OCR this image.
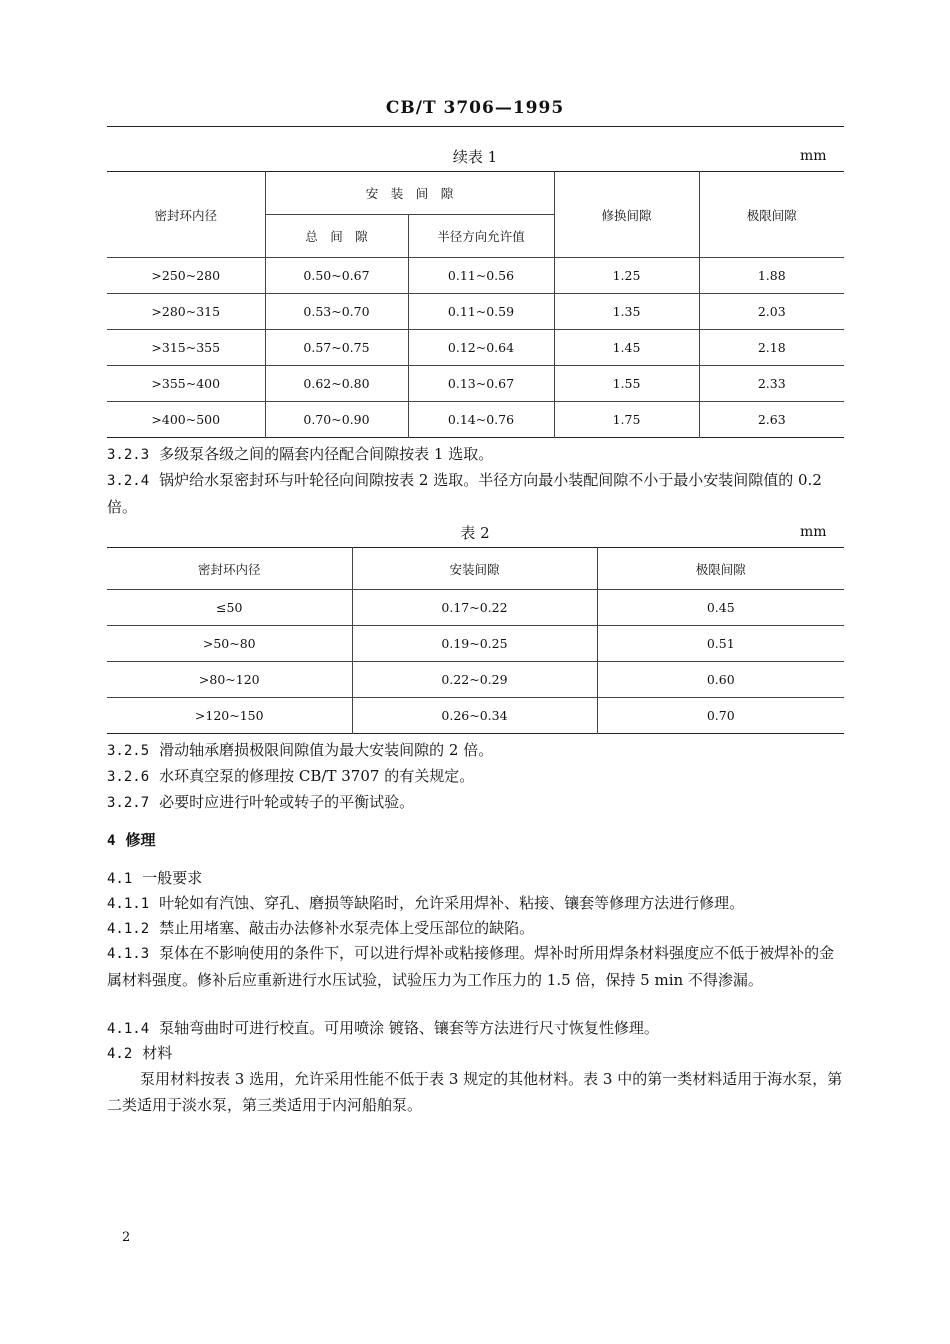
CB/T 3706—1995
续表 1	mm
密封环内径	安　装　间　隙		修换间隙	极限间隙
	总　间　隙	半径方向允许值		
>250~280	0.50~0.67	0.11~0.56	1.25	1.88
>280~315	0.53~0.70	0.11~0.59	1.35	2.03
>315~355	0.57~0.75	0.12~0.64	1.45	2.18
>355~400	0.62~0.80	0.13~0.67	1.55	2.33
>400~500	0.70~0.90	0.14~0.76	1.75	2.63
3.2.3 多级泵各级之间的隔套内径配合间隙按表 1 选取。
3.2.4 锅炉给水泵密封环与叶轮径向间隙按表 2 选取。半径方向最小装配间隙不小于最小安装间隙值的 0.2 倍。
表 2	mm
密封环内径	安装间隙	极限间隙
≤50	0.17~0.22	0.45
>50~80	0.19~0.25	0.51
>80~120	0.22~0.29	0.60
>120~150	0.26~0.34	0.70
3.2.5 滑动轴承磨损极限间隙值为最大安装间隙的 2 倍。
3.2.6 水环真空泵的修理按 CB/T 3707 的有关规定。
3.2.7 必要时应进行叶轮或转子的平衡试验。
4 修理
4.1 一般要求
4.1.1 叶轮如有汽蚀、穿孔、磨损等缺陷时，允许采用焊补、粘接、镶套等修理方法进行修理。
4.1.2 禁止用堵塞、敲击办法修补水泵壳体上受压部位的缺陷。
4.1.3 泵体在不影响使用的条件下，可以进行焊补或粘接修理。焊补时所用焊条材料强度应不低于被焊补的金属材料强度。修补后应重新进行水压试验，试验压力为工作压力的 1.5 倍，保持 5 min 不得渗漏。
4.1.4 泵轴弯曲时可进行校直。可用喷涂 镀铬、镶套等方法进行尺寸恢复性修理。
4.2 材料
泵用材料按表 3 选用，允许采用性能不低于表 3 规定的其他材料。表 3 中的第一类材料适用于海水泵，第二类适用于淡水泵，第三类适用于内河船舶泵。
2
